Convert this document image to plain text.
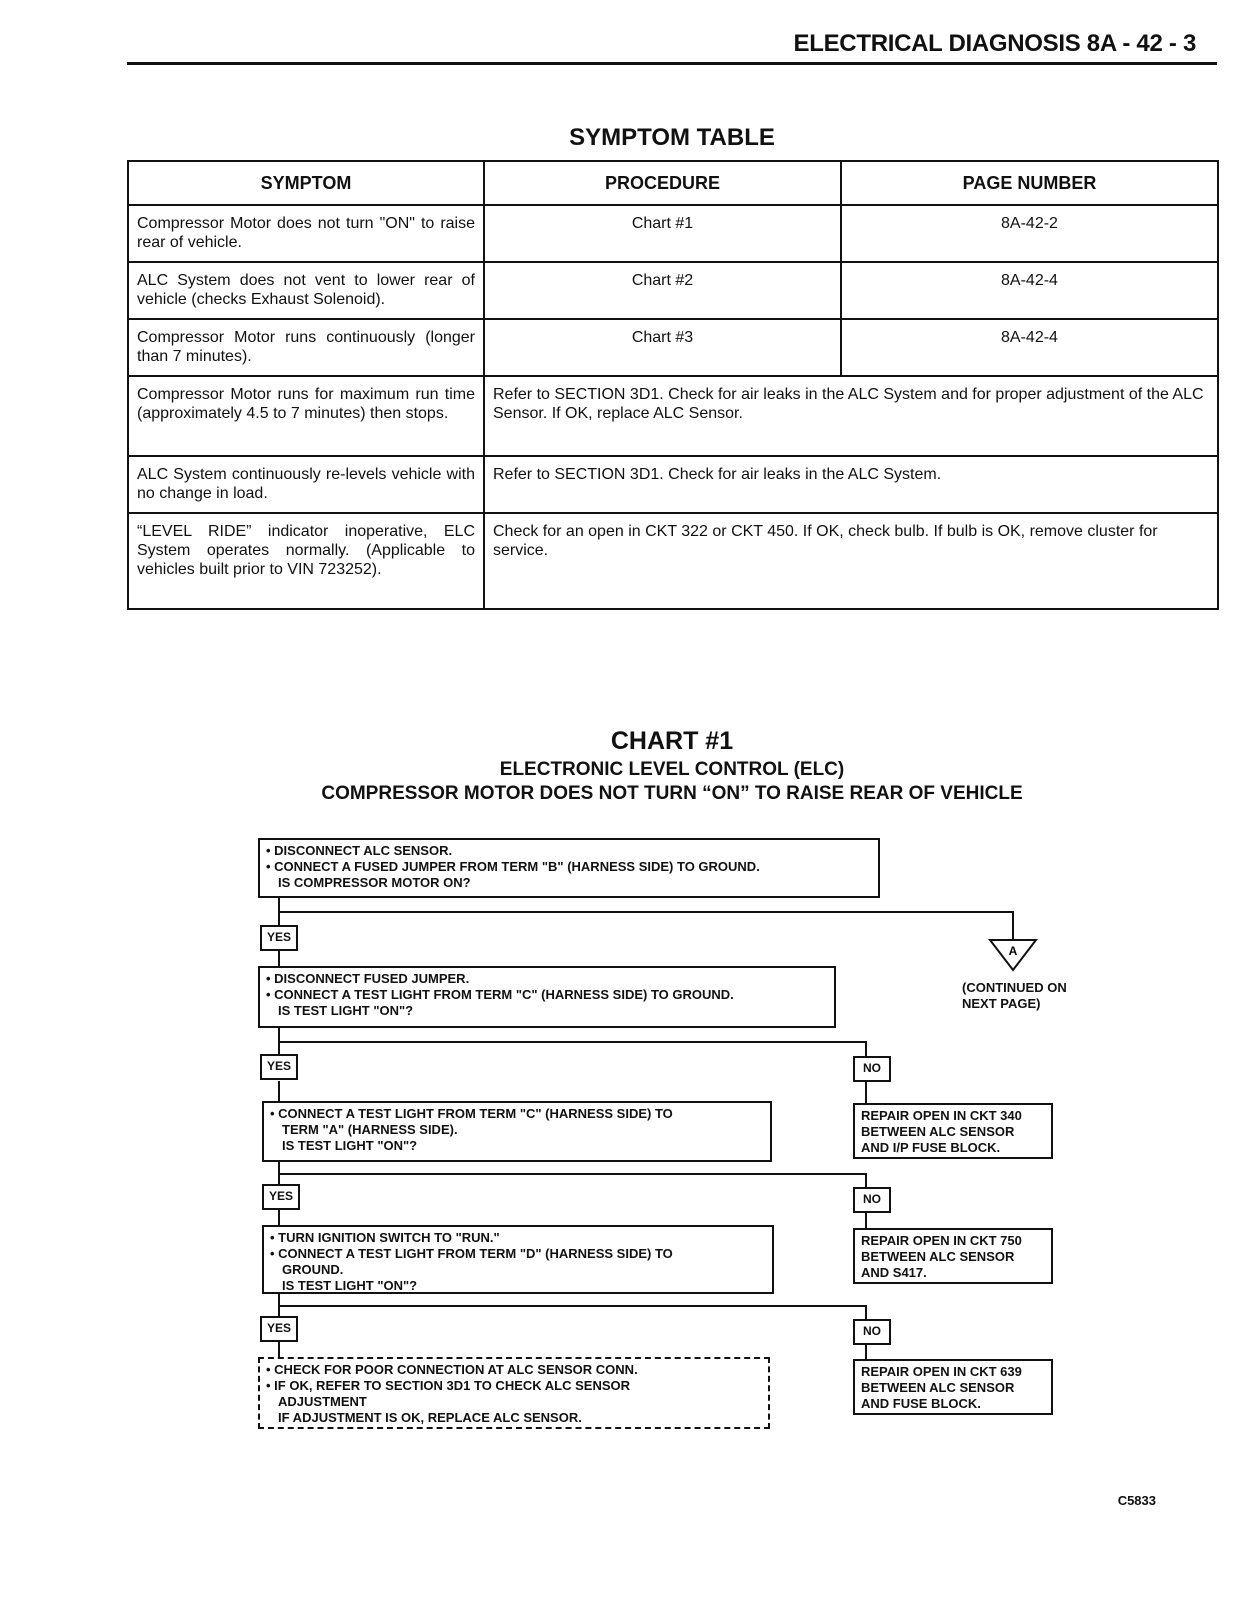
ELECTRICAL DIAGNOSIS 8A - 42 - 3
SYMPTOM TABLE
SYMPTOM	PROCEDURE	PAGE NUMBER
Compressor Motor does not turn "ON" to raise rear of vehicle.	Chart #1	8A-42-2
ALC System does not vent to lower rear of vehicle (checks Exhaust Solenoid).	Chart #2	8A-42-4
Compressor Motor runs continuously (longer than 7 minutes).	Chart #3	8A-42-4
Compressor Motor runs for maximum run time (approximately 4.5 to 7 minutes) then stops.	Refer to SECTION 3D1. Check for air leaks in the ALC System and for proper adjustment of the ALC Sensor. If OK, replace ALC Sensor.	
ALC System continuously re-levels vehicle with no change in load.	Refer to SECTION 3D1. Check for air leaks in the ALC System.	
“LEVEL RIDE” indicator inoperative, ELC System operates normally. (Applicable to vehicles built prior to VIN 723252).	Check for an open in CKT 322 or CKT 450. If OK, check bulb. If bulb is OK, remove cluster for service.	
CHART #1
ELECTRONIC LEVEL CONTROL (ELC)
COMPRESSOR MOTOR DOES NOT TURN “ON” TO RAISE REAR OF VEHICLE
• DISCONNECT ALC SENSOR.
• CONNECT A FUSED JUMPER FROM TERM "B" (HARNESS SIDE) TO GROUND.
IS COMPRESSOR MOTOR ON?
A
(CONTINUED ON
NEXT PAGE)
YES
• DISCONNECT FUSED JUMPER.
• CONNECT A TEST LIGHT FROM TERM "C" (HARNESS SIDE) TO GROUND.
IS TEST LIGHT "ON"?
YES	NO
• CONNECT A TEST LIGHT FROM TERM "C" (HARNESS SIDE) TO
TERM "A" (HARNESS SIDE).
IS TEST LIGHT "ON"?
REPAIR OPEN IN CKT 340
BETWEEN ALC SENSOR
AND I/P FUSE BLOCK.
YES	NO
• TURN IGNITION SWITCH TO "RUN."
• CONNECT A TEST LIGHT FROM TERM "D" (HARNESS SIDE) TO
GROUND.
IS TEST LIGHT "ON"?
REPAIR OPEN IN CKT 750
BETWEEN ALC SENSOR
AND S417.
YES	NO
• CHECK FOR POOR CONNECTION AT ALC SENSOR CONN.
• IF OK, REFER TO SECTION 3D1 TO CHECK ALC SENSOR
ADJUSTMENT
IF ADJUSTMENT IS OK, REPLACE ALC SENSOR.
REPAIR OPEN IN CKT 639
BETWEEN ALC SENSOR
AND FUSE BLOCK.
C5833
